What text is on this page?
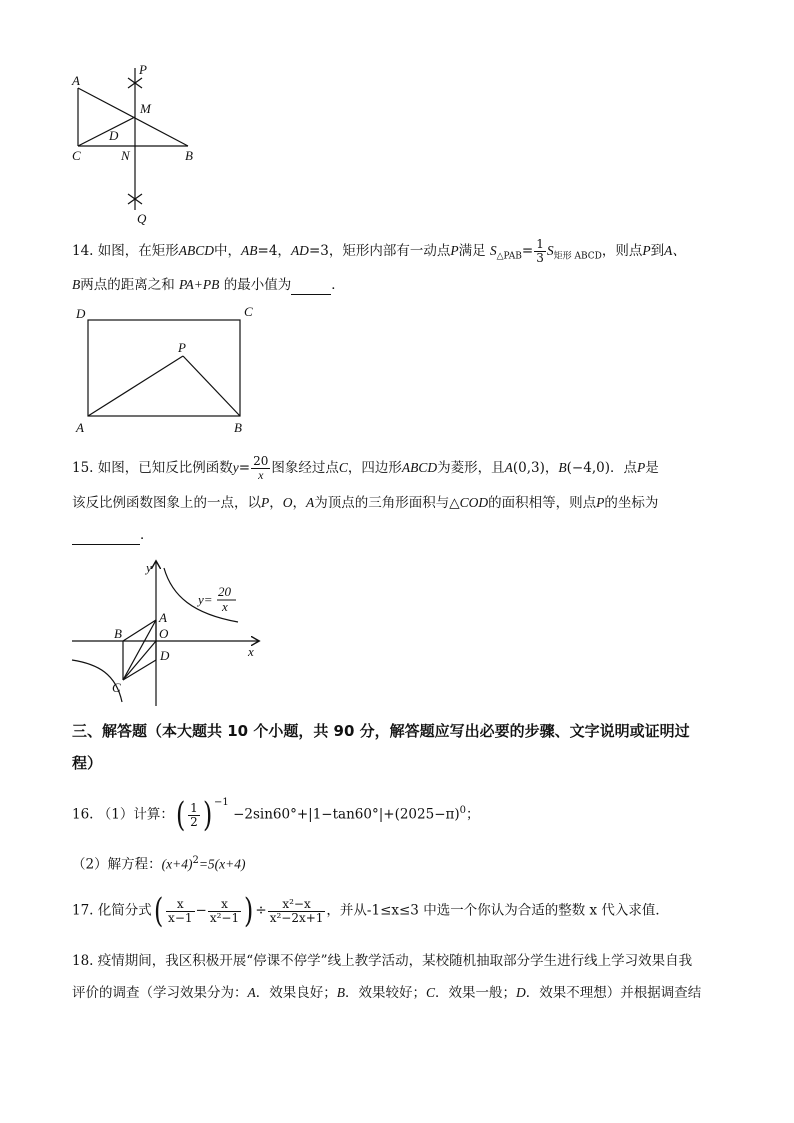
A
P
M
D
C	N	B
Q
14. 如图，在矩形ABCD中，AB=4，AD=3，矩形内部有一动点P满足 $S_{\triangle PAB}= \frac{1}{3} S_{矩形 ABCD}$，则点P到A、
B两点的距离之和 PA+PB 的最小值为	．
D	C
P
A	B
15. 如图，已知反比例函数$y= \frac{20}{x}$ 图象经过点C，四边形ABCD为菱形，且A(0,3)，B(−4,0)．点P是
该反比例函数图象上的一点，以P，O，A为顶点的三角形面积与△COD的面积相等，则点P的坐标为
．
y
x
A
O
B
D
C
y=
20
x
三、解答题（本大题共 10 个小题，共 90 分，解答题应写出必要的步骤、文字说明或证明过
程）
16. （1）计算：( $\frac{1}{2}$ ) $^{-1} -2\sin 60^\circ+|1-\tan 60^\circ|+(2025-\pi)^0$；
（2）解方程：$(x+4)^2=5(x+4)$
17. 化简分式( $\frac{x}{x-1} - \frac{x}{\text{x²−1}}$ ) ÷ $\frac{\text{x²−x}}{\text{x²−2x+1}}$ ，并从-1≤x≤3 中选一个你认为合适的整数 x 代入求值．
18. 疫情期间，我区积极开展“停课不停学”线上教学活动，某校随机抽取部分学生进行线上学习效果自我
评价的调查（学习效果分为：A．效果良好；B．效果较好；C．效果一般；D．效果不理想）并根据调查结
